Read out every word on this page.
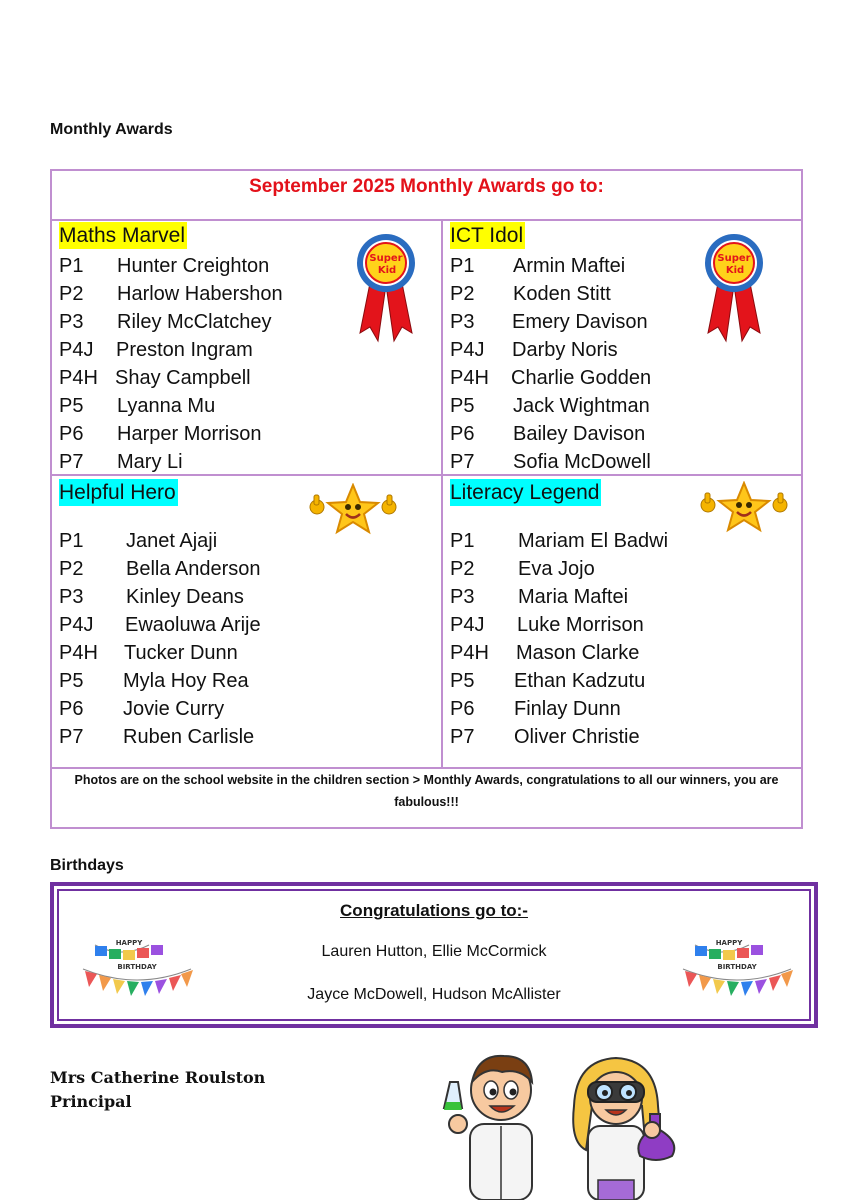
Monthly Awards
September 2025 Monthly Awards go to:
Maths Marvel
P1 Hunter Creighton
P2 Harlow Habershon
P3 Riley McClatchey
P4J Preston Ingram
P4H Shay Campbell
P5 Lyanna Mu
P6 Harper Morrison
P7 Mary Li
Super
Kid
ICT Idol
P1 Armin Maftei
P2 Koden Stitt
P3 Emery Davison
P4J Darby Noris
P4H Charlie Godden
P5 Jack Wightman
P6 Bailey Davison
P7 Sofia McDowell
Super
Kid
Helpful Hero
P1 Janet Ajaji
P2 Bella Anderson
P3 Kinley Deans
P4J Ewaoluwa Arije
P4H Tucker Dunn
P5 Myla Hoy Rea
P6 Jovie Curry
P7 Ruben Carlisle
Literacy Legend
P1 Mariam El Badwi
P2 Eva Jojo
P3 Maria Maftei
P4J Luke Morrison
P4H Mason Clarke
P5 Ethan Kadzutu
P6 Finlay Dunn
P7 Oliver Christie
Photos are on the school website in the children section > Monthly Awards, congratulations to all our winners, you are fabulous!!!
Birthdays
Congratulations go to:-
Lauren Hutton, Ellie McCormick
Jayce McDowell, Hudson McAllister
HAPPY
BIRTHDAY
HAPPY
BIRTHDAY
Mrs Catherine Roulston
Principal
